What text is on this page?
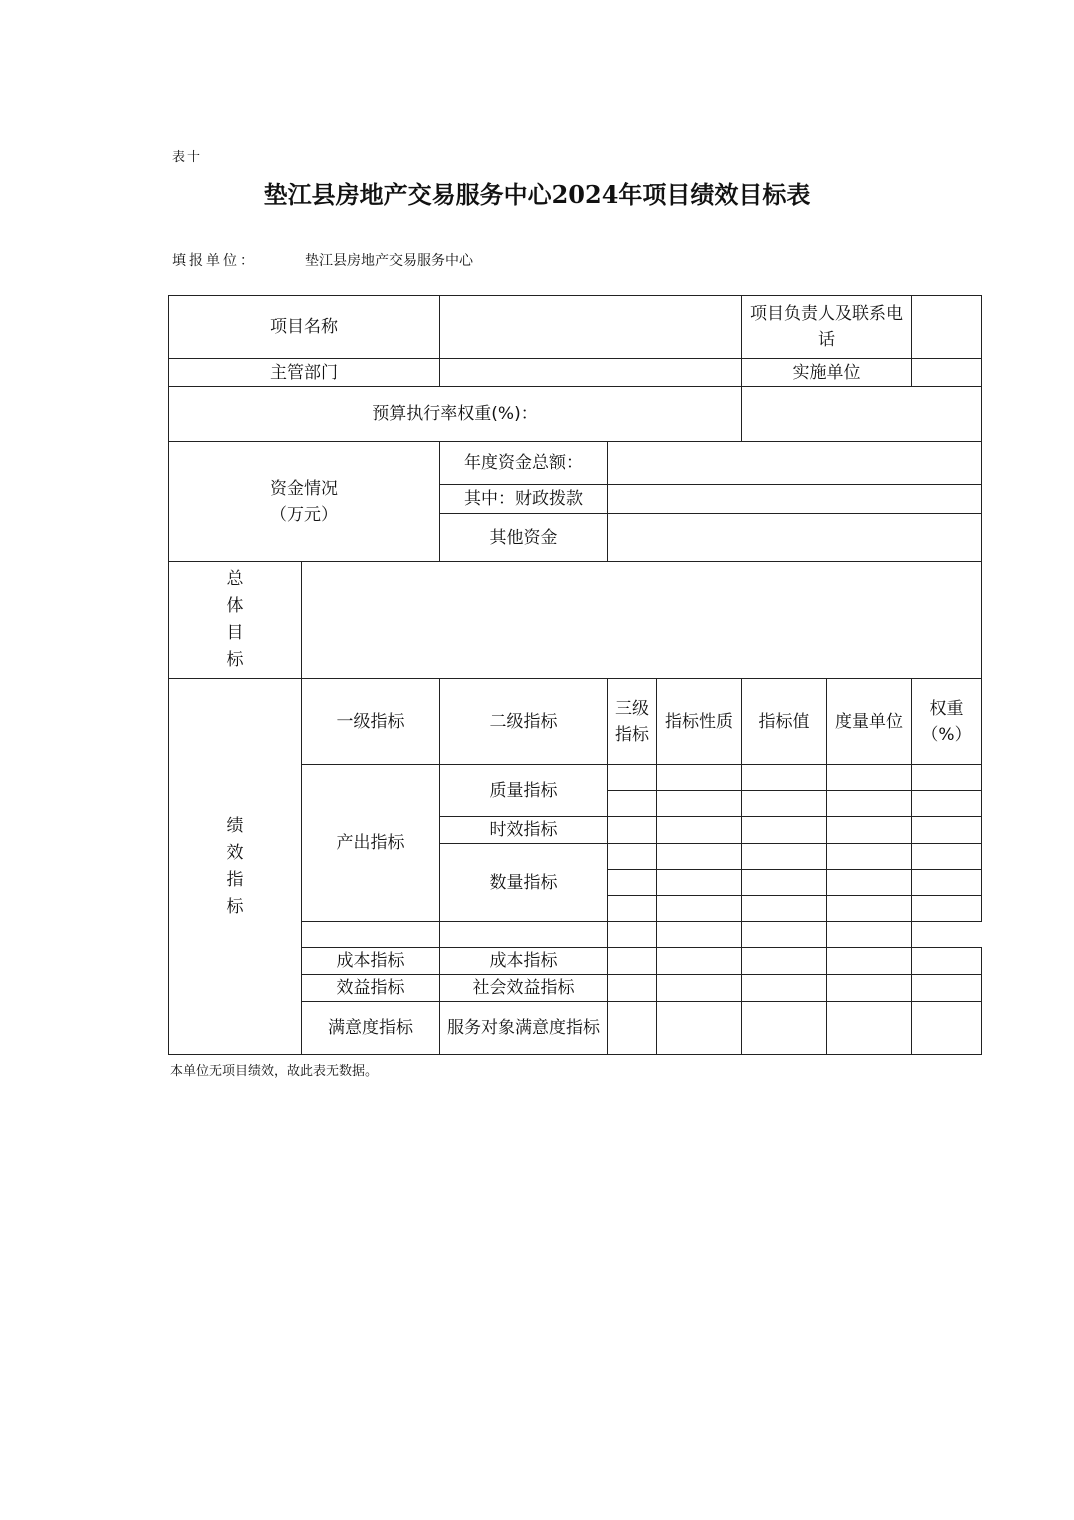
表十
垫江县房地产交易服务中心2024年项目绩效目标表
填报单位：	垫江县房地产交易服务中心
项目名称					项目负责人及联系电话		
主管部门					实施单位		
预算执行率权重(%)：							
资金情况
（万元）		年度资金总额：					
		其中：财政拨款					
		其他资金					
总
体
目
标							
绩
效
指
标	一级指标	二级指标	三级指标	指标性质	指标值	度量单位	权重（%）
	产出指标	质量指标					

		时效指标					
		数量指标					

	成本指标	成本指标					
	效益指标	社会效益指标					
	满意度指标	服务对象满意度指标					
本单位无项目绩效，故此表无数据。
